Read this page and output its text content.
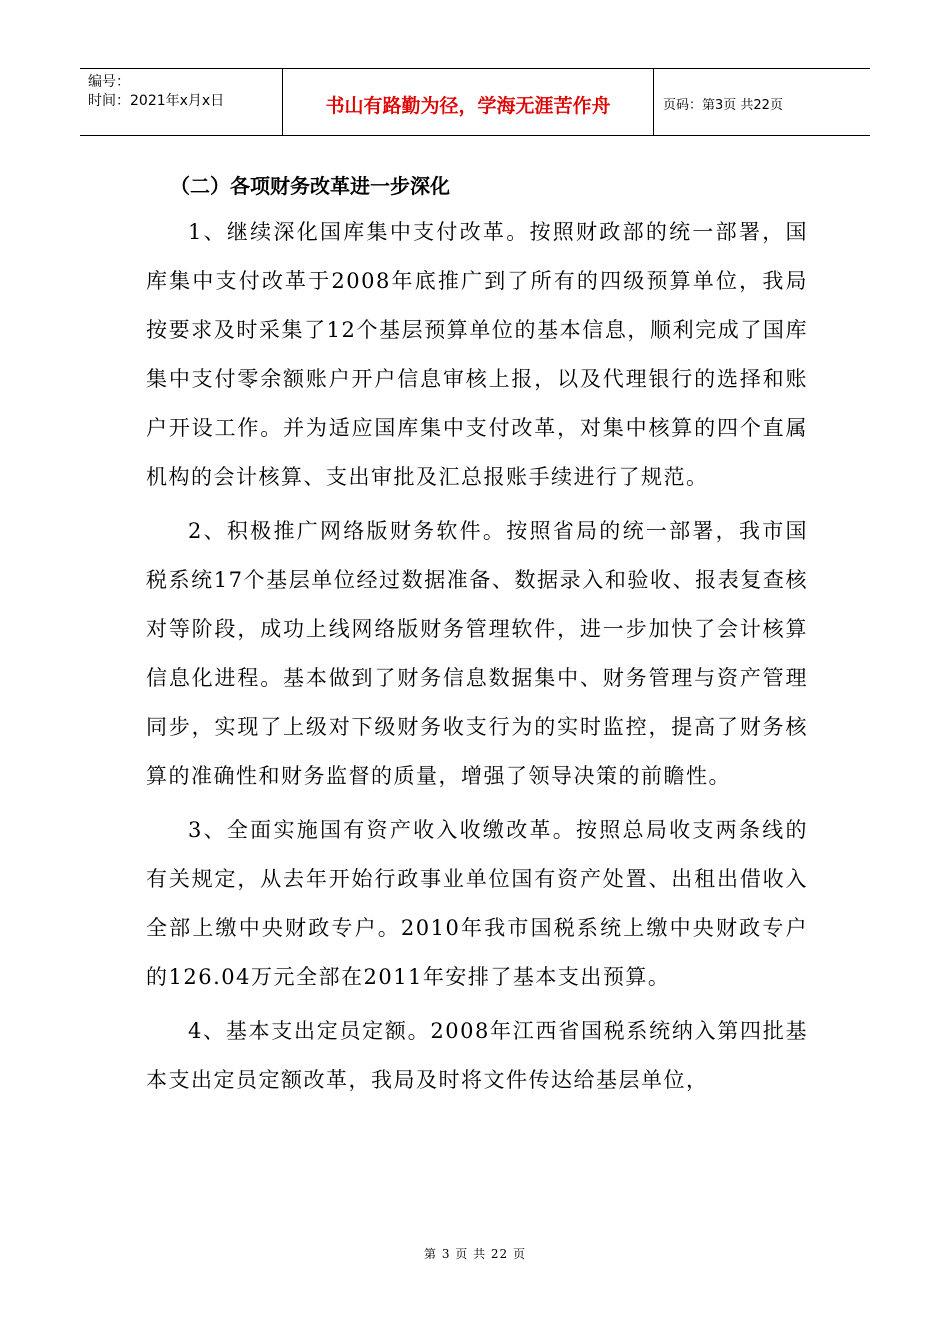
编号：
时间：2021年x月x日	书山有路勤为径，学海无涯苦作舟	页码：第3页 共22页
（二）各项财务改革进一步深化

1、继续深化国库集中支付改革。按照财政部的统一部署，国库集中支付改革于2008年底推广到了所有的四级预算单位，我局按要求及时采集了12个基层预算单位的基本信息，顺利完成了国库集中支付零余额账户开户信息审核上报，以及代理银行的选择和账户开设工作。并为适应国库集中支付改革，对集中核算的四个直属机构的会计核算、支出审批及汇总报账手续进行了规范。

2、积极推广网络版财务软件。按照省局的统一部署，我市国税系统17个基层单位经过数据准备、数据录入和验收、报表复查核对等阶段，成功上线网络版财务管理软件，进一步加快了会计核算信息化进程。基本做到了财务信息数据集中、财务管理与资产管理同步，实现了上级对下级财务收支行为的实时监控，提高了财务核算的准确性和财务监督的质量，增强了领导决策的前瞻性。

3、全面实施国有资产收入收缴改革。按照总局收支两条线的有关规定，从去年开始行政事业单位国有资产处置、出租出借收入全部上缴中央财政专户。2010年我市国税系统上缴中央财政专户的126.04万元全部在2011年安排了基本支出预算。

4、基本支出定员定额。2008年江西省国税系统纳入第四批基本支出定员定额改革，我局及时将文件传达给基层单位，

第 3 页 共 22 页
